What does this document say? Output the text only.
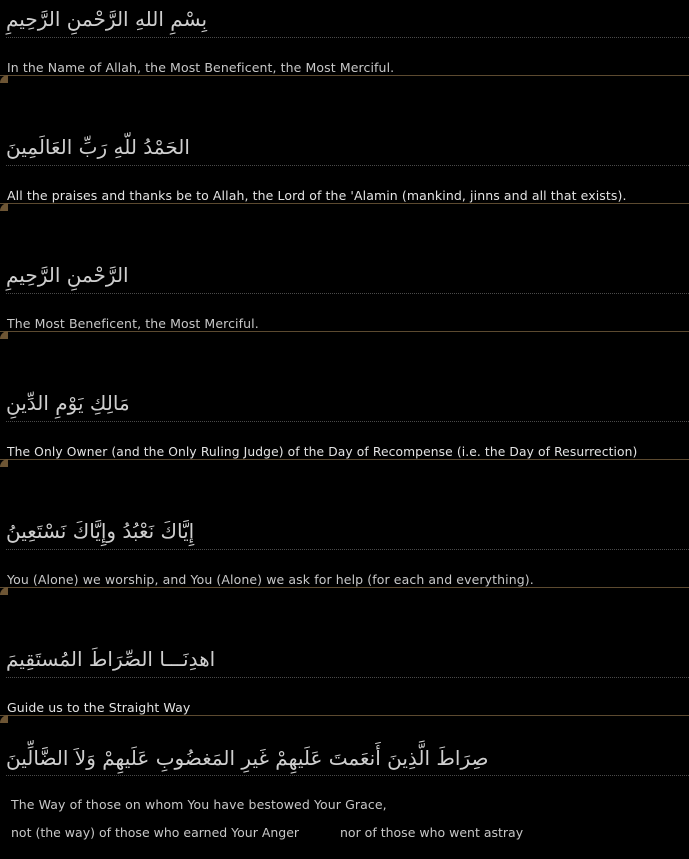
بِسْمِ اللهِ الرَّحْمنِ الرَّحِيمِ
In the Name of Allah, the Most Beneficent, the Most Merciful.
الحَمْدُ للّهِ رَبِّ العَالَمِينَ
All the praises and thanks be to Allah, the Lord of the 'Alamin (mankind, jinns and all that exists).
الرَّحْمنِ الرَّحِيمِ
The Most Beneficent, the Most Merciful.
مَالِكِ يَوْمِ الدِّينِ
The Only Owner (and the Only Ruling Judge) of the Day of Recompense (i.e. the Day of Resurrection)
إِيَّاكَ نَعْبُدُ وإِيَّاكَ نَسْتَعِينُ
You (Alone) we worship, and You (Alone) we ask for help (for each and everything).
اهدِنَـــا الصِّرَاطَ المُستَقِيمَ
Guide us to the Straight Way
صِرَاطَ الَّذِينَ أَنعَمتَ عَلَيهِمْ غَيرِ المَغضُوبِ عَلَيهِمْ وَلاَ الضَّالِّينَ
The Way of those on whom You have bestowed Your Grace,
not (the way) of those who earned Your Anger	nor of those who went astray
